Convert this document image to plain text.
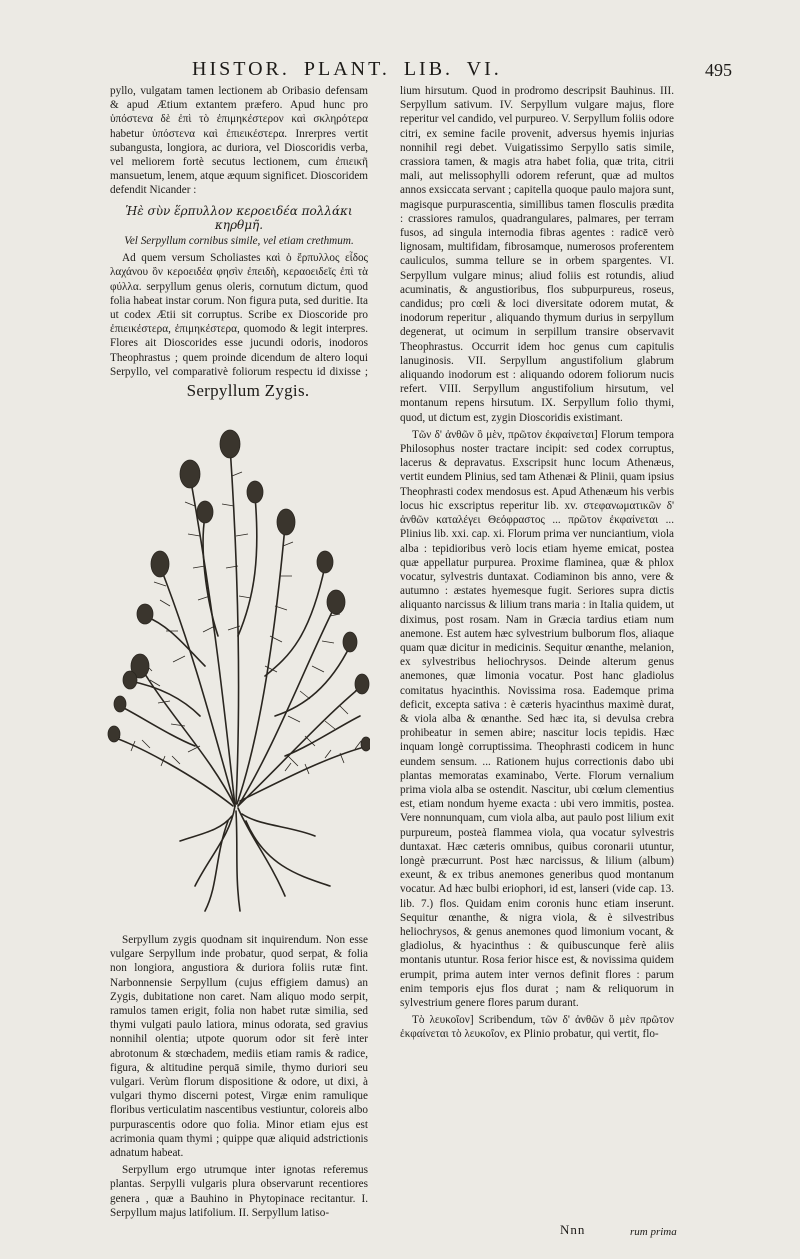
HISTOR. PLANT. LIB. VI.	495

pyllo, vulgatam tamen lectionem ab Oribasio defensam & apud Ætium extantem præfero. Apud hunc pro ὑπόστενα δὲ ἐπὶ τὸ ἐπιμηκέστερον καὶ σκληρότερα habetur ὑπόστενα καὶ ἐπιεικέστερα. Inrerpres vertit subangusta, longiora, ac duriora, vel Dioscoridis verba, vel meliorem fortè secutus lectionem, cum ἐπιεικῆ mansuetum, lenem, atque æquum significet. Dioscoridem defendit Nicander :

Ἡὲ σὺν ἕρπυλλον κεροειδέα πολλάκι κηρθμῆ.

Vel Serpyllum cornibus simile, vel etiam crethmum.

Ad quem versum Scholiastes καὶ ὁ ἕρπυλλος εἶδος λαχάνου ὃν κεροειδέα φησὶν ἐπειδὴ, κεραοειδεῖς ἐπὶ τὰ φύλλα. serpyllum genus oleris, cornutum dictum, quod folia habeat instar corum. Non figura puta, sed duritie. Ita ut codex Ætii sit corruptus. Scribe ex Dioscoride pro ἐπιεικέστερα, ἐπιμηκέστερα, quomodo & legit interpres. Flores ait Dioscorides esse jucundi odoris, inodoros Theophrastus ; quem proinde dicendum de altero loqui Serpyllo, vel comparativè foliorum respectu id dixisse ;

Serpyllum Zygis.

Serpyllum zygis quodnam sit inquirendum. Non esse vulgare Serpyllum inde probatur, quod serpat, & folia non longiora, angustiora & duriora foliis rutæ fint. Narbonnensie Serpyllum (cujus effigiem damus) an Zygis, dubitatione non caret. Nam aliquo modo serpit, ramulos tamen erigit, folia non habet rutæ similia, sed thymi vulgati paulo latiora, minus odorata, sed gravius nonnihil olentia; utpote quorum odor sit ferè inter abrotonum & stœchadem, mediis etiam ramis & radice, figura, & altitudine perquā simile, thymo duriori seu vulgari. Verùm florum dispositione & odore, ut dixi, à vulgari thymo discerni potest, Virgæ enim ramulique floribus verticulatim nascentibus vestiuntur, coloreis albo purpurascentis odore quo folia. Minor etiam ejus est acrimonia quam thymi ; quippe quæ aliquid adstrictionis adnatum habeat.

Serpyllum ergo utrumque inter ignotas referemus plantas. Serpylli vulgaris plura observarunt recentiores genera , quæ a Bauhino in Phytopinace recitantur. I. Serpyllum majus latifolium. II. Serpyllum latiso-

lium hirsutum. Quod in prodromo descripsit Bauhinus. III. Serpyllum sativum. IV. Serpyllum vulgare majus, flore reperitur vel candido, vel purpureo. V. Serpyllum foliis odore citri, ex semine facile provenit, adversus hyemis injurias nonnihil regi debet. Vuigatissimo Serpyllo satis simile, crassiora tamen, & magis atra habet folia, quæ trita, citrii mali, aut melissophylli odorem referunt, quæ ad multos annos exsiccata servant ; capitella quoque paulo majora sunt, magisque purpurascentia, simillibus tamen flosculis prædita : crassiores ramulos, quadrangulares, palmares, per terram fusos, ad singula internodia fibras agentes : radicē verò lignosam, multifidam, fibrosamque, numerosos proferentem cauliculos, summa tellure se in orbem spargentes. VI. Serpyllum vulgare minus; aliud foliis est rotundis, aliud acuminatis, & angustioribus, flos subpurpureus, roseus, candidus; pro cœli & loci diversitate odorem mutat, & inodorum reperitur , aliquando thymum durius in serpyllum degenerat, ut ocimum in serpillum transire observavit Theophrastus. Occurrit idem hoc genus cum capitulis lanuginosis. VII. Serpyllum angustifolium glabrum aliquando inodorum est : aliquando odorem foliorum nucis refert. VIII. Serpyllum angustifolium hirsutum, vel montanum repens hirsutum. IX. Serpyllum folio thymi, quod, ut dictum est, zygin Dioscoridis existimant.

Τῶν δ' ἀνθῶν ὃ μὲν, πρῶτον ἐκφαίνεται] Florum tempora Philosophus noster tractare incipit: sed codex corruptus, lacerus & depravatus. Exscripsit hunc locum Athenæus, vertit eundem Plinius, sed tam Athenæi & Plinii, quam ipsius Theophrasti codex mendosus est. Apud Athenæum his verbis locus hic exscriptus reperitur lib. xv. στεφανωματικῶν δ' ἀνθῶν καταλέγει Θεόφραστος ... πρῶτον ἐκφαίνεται ... Plinius lib. xxi. cap. xi. Florum prima ver nunciantium, viola alba : tepidioribus verò locis etiam hyeme emicat, postea quæ appellatur purpurea. Proxime flaminea, quæ & phlox vocatur, sylvestris duntaxat. Codiaminon bis anno, vere & autumno : æstates hyemesque fugit. Seriores supra dictis aliquanto narcissus & lilium trans maria : in Italia quidem, ut diximus, post rosam. Nam in Græcia tardius etiam num anemone. Est autem hæc sylvestrium bulborum flos, aliaque quam quæ dicitur in medicinis. Sequitur œnanthe, melanion, ex sylvestribus heliochrysos. Deinde alterum genus anemones, quæ limonia vocatur. Post hanc gladiolus comitatus hyacinthis. Novissima rosa. Eademque prima deficit, excepta sativa : è cæteris hyacinthus maximè durat, & viola alba & œnanthe. Sed hæc ita, si devulsa crebra prohibeatur in semen abire; nascitur locis tepidis. Hæc inquam longè corruptissima. Theophrasti codicem in hunc eundem sensum. ... Rationem hujus correctionis dabo ubi plantas memoratas examinabo, Verte. Florum vernalium prima viola alba se ostendit. Nascitur, ubi cœlum clementius est, etiam nondum hyeme exacta : ubi vero immitis, postea. Vere nonnunquam, cum viola alba, aut paulo post lilium exit purpureum, posteà flammea viola, qua vocatur sylvestris duntaxat. Hæc cæteris omnibus, quibus coronarii utuntur, longè præcurrunt. Post hæc narcissus, & lilium (album) exeunt, & ex tribus anemones generibus quod montanum vocatur. Ad hæc bulbi eriophori, id est, lanseri (vide cap. 13. lib. 7.) flos. Quidam enim coronis hunc etiam inserunt. Sequitur œnanthe, & nigra viola, & è silvestribus heliochrysos, & genus anemones quod limonium vocant, & gladiolus, & hyacinthus : & quibuscunque ferè aliis montanis utuntur. Rosa ferior hisce est, & novissima quidem erumpit, prima autem inter vernos definit flores : parum enim temporis ejus flos durat ; nam & reliquorum in sylvestrium genere flores parum durant.

Τὸ λευκοΐον] Scribendum, τῶν δ' ἀνθῶν ὃ μὲν πρῶτον ἐκφαίνεται τὸ λευκοΐον, ex Plinio probatur, qui vertit, flo-

Nnn	rum prima
